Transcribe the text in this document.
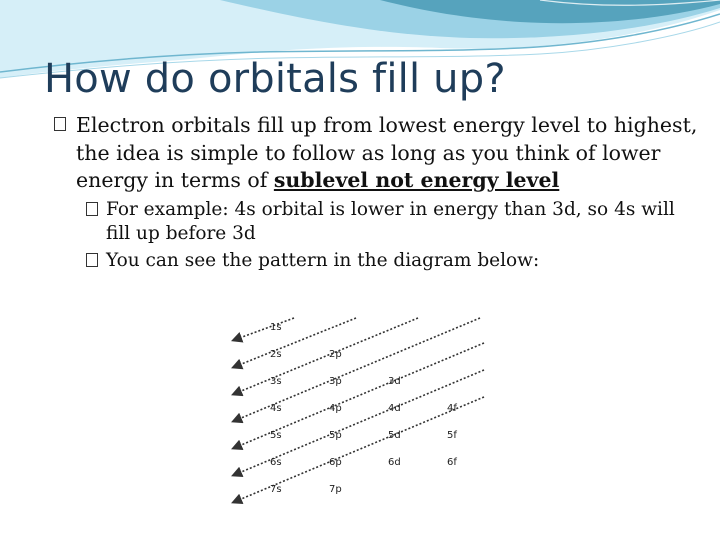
How do orbitals fill up?
Electron orbitals fill up from lowest energy level to highest, the idea is simple to follow as long as you think of lower energy in terms of sublevel not energy level
For example: 4s orbital is lower in energy than 3d, so 4s will fill up before 3d
You can see the pattern in the diagram below:
1s
2s	2p
3s	3p	3d
4s	4p	4d	4f
5s	5p	5d	5f
6s	6p	6d	6f
7s	7p
